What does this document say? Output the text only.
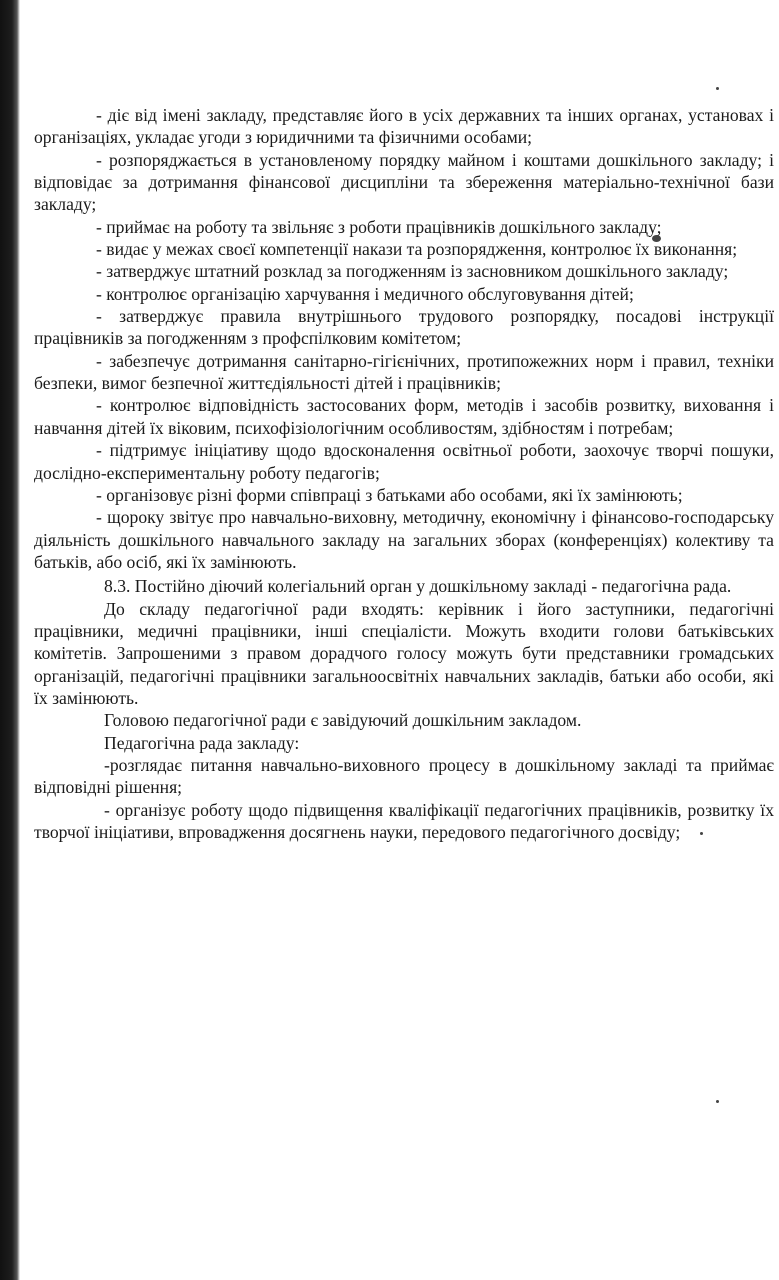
- діє від імені закладу, представляє його в усіх державних та інших органах, установах і організаціях, укладає угоди з юридичними та фізичними особами;

- розпоряджається в установленому порядку майном і коштами дошкільного закладу; і відповідає за дотримання фінансової дисципліни та збереження матеріально-технічної бази закладу;

- приймає на роботу та звільняє з роботи працівників дошкільного закладу;

- видає у межах своєї компетенції накази та розпорядження, контролює їх виконання;

- затверджує штатний розклад за погодженням із засновником дошкільного закладу;

- контролює організацію харчування і медичного обслуговування дітей;

- затверджує правила внутрішнього трудового розпорядку, посадові інструкції працівників за погодженням з профспілковим комітетом;

- забезпечує дотримання санітарно-гігієнічних, протипожежних норм і правил, техніки безпеки, вимог безпечної життєдіяльності дітей і працівників;

- контролює відповідність застосованих форм, методів і засобів розвитку, виховання і навчання дітей їх віковим, психофізіологічним особливостям, здібностям і потребам;

- підтримує ініціативу щодо вдосконалення освітньої роботи, заохочує творчі пошуки, дослідно-експериментальну роботу педагогів;

- організовує різні форми співпраці з батьками або особами, які їх замінюють;

- щороку звітує про навчально-виховну, методичну, економічну і фінансово-господарську діяльність дошкільного навчального закладу на загальних зборах (конференціях) колективу та батьків, або осіб, які їх замінюють.

8.3. Постійно діючий колегіальний орган у дошкільному закладі - педагогічна рада.

До складу педагогічної ради входять: керівник і його заступники, педагогічні працівники, медичні працівники, інші спеціалісти. Можуть входити голови батьківських комітетів. Запрошеними з правом дорадчого голосу можуть бути представники громадських організацій, педагогічні працівники загальноосвітніх навчальних закладів, батьки або особи, які їх замінюють.

Головою педагогічної ради є завідуючий дошкільним закладом.

Педагогічна рада закладу:

-розглядає питання навчально-виховного процесу в дошкільному закладі та приймає відповідні рішення;

- організує роботу щодо підвищення кваліфікації педагогічних працівників, розвитку їх творчої ініціативи, впровадження досягнень науки, передового педагогічного досвіду;
